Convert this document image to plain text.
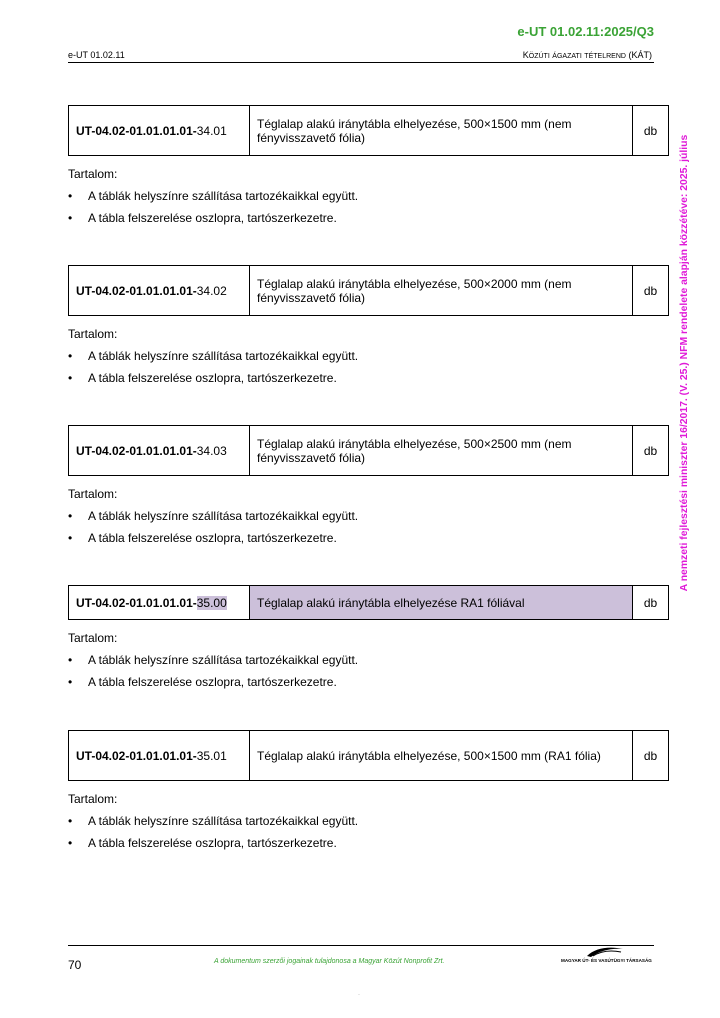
e-UT 01.02.11:2025/Q3
e-UT 01.02.11	KÖZÚTI ÁGAZATI TÉTELREND (KÁT)
A nemzeti fejlesztési miniszter 16/2017. (V. 25.) NFM rendelete alapján közzétéve: 2025. július
UT-04.02-01.01.01.01-34.01	Téglalap alakú iránytábla elhelyezése, 500×1500 mm (nem fényvisszavető fólia)	db
Tartalom:
• A táblák helyszínre szállítása tartozékaikkal együtt.
• A tábla felszerelése oszlopra, tartószerkezetre.
UT-04.02-01.01.01.01-34.02	Téglalap alakú iránytábla elhelyezése, 500×2000 mm (nem fényvisszavető fólia)	db
Tartalom:
• A táblák helyszínre szállítása tartozékaikkal együtt.
• A tábla felszerelése oszlopra, tartószerkezetre.
UT-04.02-01.01.01.01-34.03	Téglalap alakú iránytábla elhelyezése, 500×2500 mm (nem fényvisszavető fólia)	db
Tartalom:
• A táblák helyszínre szállítása tartozékaikkal együtt.
• A tábla felszerelése oszlopra, tartószerkezetre.
UT-04.02-01.01.01.01-35.00	Téglalap alakú iránytábla elhelyezése RA1 fóliával	db
Tartalom:
• A táblák helyszínre szállítása tartozékaikkal együtt.
• A tábla felszerelése oszlopra, tartószerkezetre.
UT-04.02-01.01.01.01-35.01	Téglalap alakú iránytábla elhelyezése, 500×1500 mm (RA1 fólia)	db
Tartalom:
• A táblák helyszínre szállítása tartozékaikkal együtt.
• A tábla felszerelése oszlopra, tartószerkezetre.
70	A dokumentum szerzői jogainak tulajdonosa a Magyar Közút Nonprofit Zrt.	MAGYAR ÚT- ÉS VASÚTÜGYI TÁRSASÁG
·
